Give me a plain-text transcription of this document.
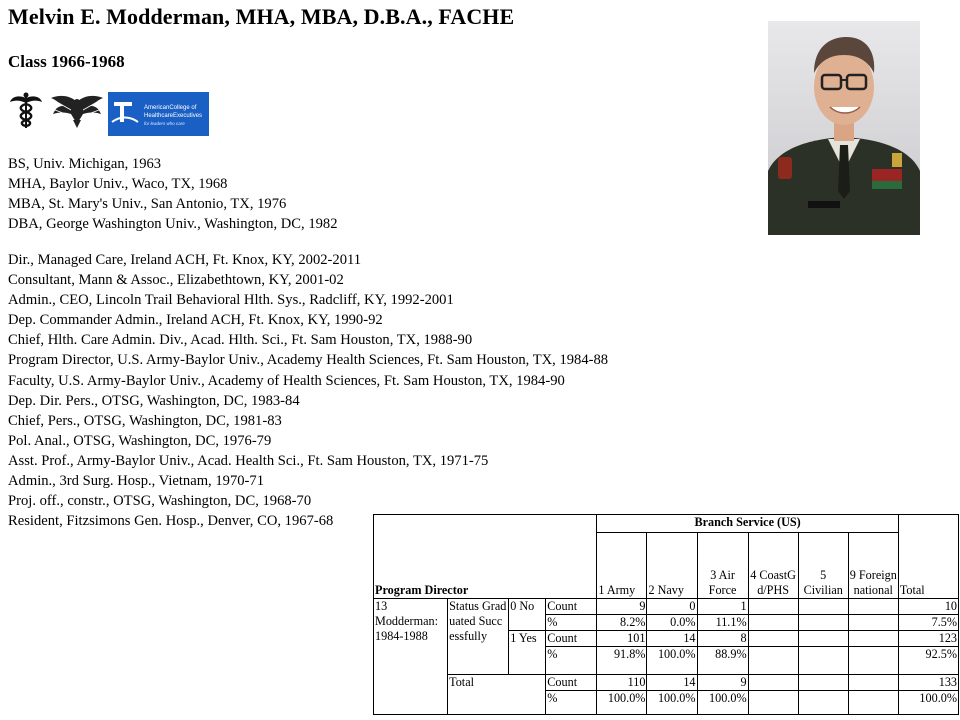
Melvin E. Modderman, MHA, MBA, D.B.A., FACHE
Class 1966-1968
AmericanCollege of
HealthcareExecutives
for leaders who care
BS, Univ. Michigan, 1963
MHA, Baylor Univ., Waco, TX, 1968
MBA, St. Mary's Univ., San Antonio, TX, 1976
DBA, George Washington Univ., Washington, DC, 1982
Dir., Managed Care, Ireland ACH, Ft. Knox, KY, 2002-2011
Consultant, Mann & Assoc., Elizabethtown, KY, 2001-02
Admin., CEO, Lincoln Trail Behavioral Hlth. Sys., Radcliff, KY, 1992-2001
Dep. Commander Admin., Ireland ACH, Ft. Knox, KY, 1990-92
Chief, Hlth. Care Admin. Div., Acad. Hlth. Sci., Ft. Sam Houston, TX, 1988-90
Program Director, U.S. Army-Baylor Univ., Academy Health Sciences, Ft. Sam Houston, TX, 1984-88
Faculty, U.S. Army-Baylor Univ., Academy of Health Sciences, Ft. Sam Houston, TX, 1984-90
Dep. Dir. Pers., OTSG, Washington, DC, 1983-84
Chief, Pers., OTSG, Washington, DC, 1981-83
Pol. Anal., OTSG, Washington, DC, 1976-79
Asst. Prof., Army-Baylor Univ., Acad. Health Sci., Ft. Sam Houston, TX, 1971-75
Admin., 3rd Surg. Hosp., Vietnam, 1970-71
Proj. off., constr., OTSG, Washington, DC, 1968-70
Resident, Fitzsimons Gen. Hosp., Denver, CO, 1967-68
Program Director				Branch Service (US)						Total
				1 Army	2 Navy	3 Air Force	4 CoastGd/PHS	5 Civilian	9 Foreign national	
13 Modderman: 1984-1988	Status Graduated Successfully	0 No	Count	9	0	1				10
			%	8.2%	0.0%	11.1%				7.5%
		1 Yes	Count	101	14	8				123
			%	91.8%	100.0%	88.9%				92.5%
	Total		Count	110	14	9				133
			%	100.0%	100.0%	100.0%				100.0%
